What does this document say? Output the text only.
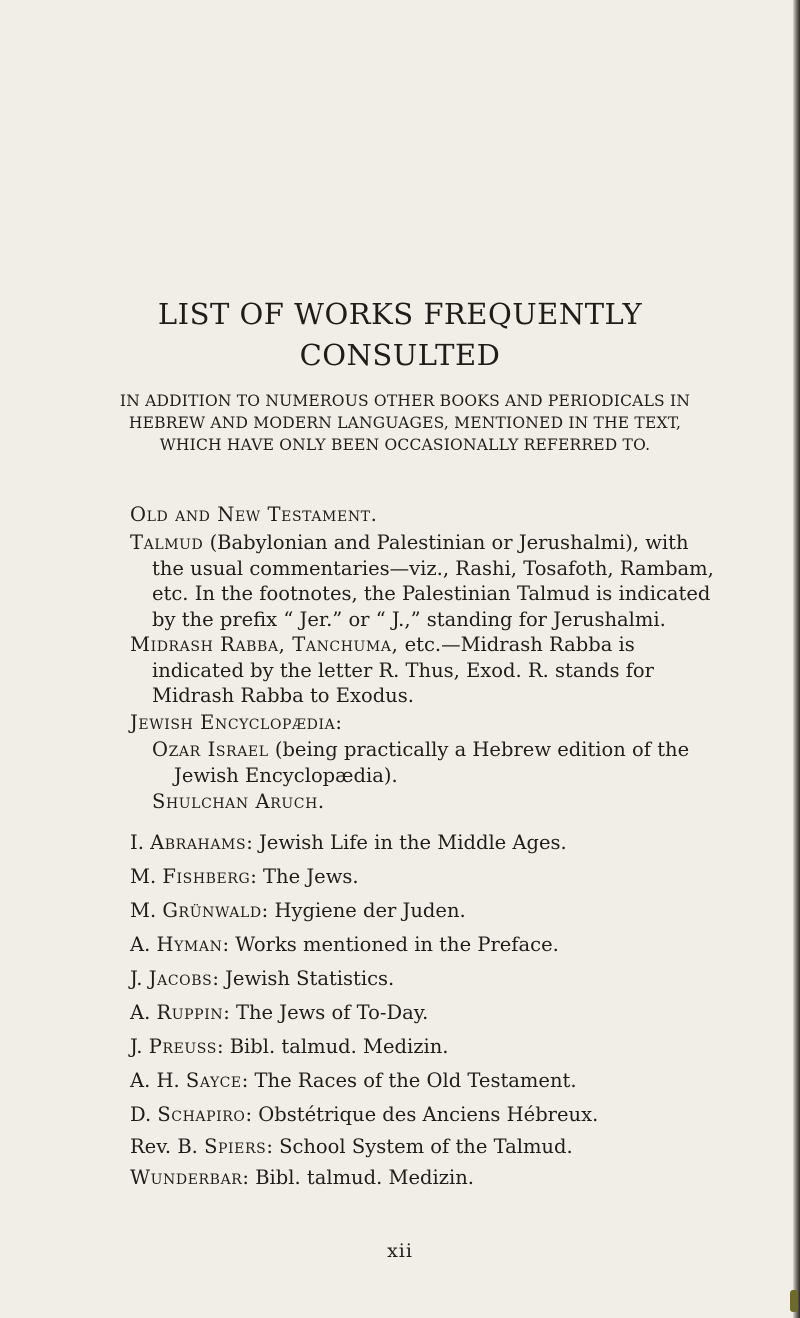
LIST OF WORKS FREQUENTLY
CONSULTED
IN ADDITION TO NUMEROUS OTHER BOOKS AND PERIODICALS IN HEBREW AND MODERN LANGUAGES, MENTIONED IN THE TEXT, WHICH HAVE ONLY BEEN OCCASIONALLY REFERRED TO.
Old and New Testament.
Talmud (Babylonian and Palestinian or Jerushalmi), with the usual commentaries—viz., Rashi, Tosafoth, Rambam, etc. In the footnotes, the Palestinian Talmud is indicated by the prefix “ Jer.” or “ J.,” standing for Jerushalmi.
Midrash Rabba, Tanchuma, etc.—Midrash Rabba is indicated by the letter R. Thus, Exod. R. stands for Midrash Rabba to Exodus.
Jewish Encyclopædia:
Ozar Israel (being practically a Hebrew edition of the Jewish Encyclopædia).
Shulchan Aruch.
I. Abrahams: Jewish Life in the Middle Ages.
M. Fishberg: The Jews.
M. Grünwald: Hygiene der Juden.
A. Hyman: Works mentioned in the Preface.
J. Jacobs: Jewish Statistics.
A. Ruppin: The Jews of To-Day.
J. Preuss: Bibl. talmud. Medizin.
A. H. Sayce: The Races of the Old Testament.
D. Schapiro: Obstétrique des Anciens Hébreux.
Rev. B. Spiers: School System of the Talmud.
Wunderbar: Bibl. talmud. Medizin.
xii
